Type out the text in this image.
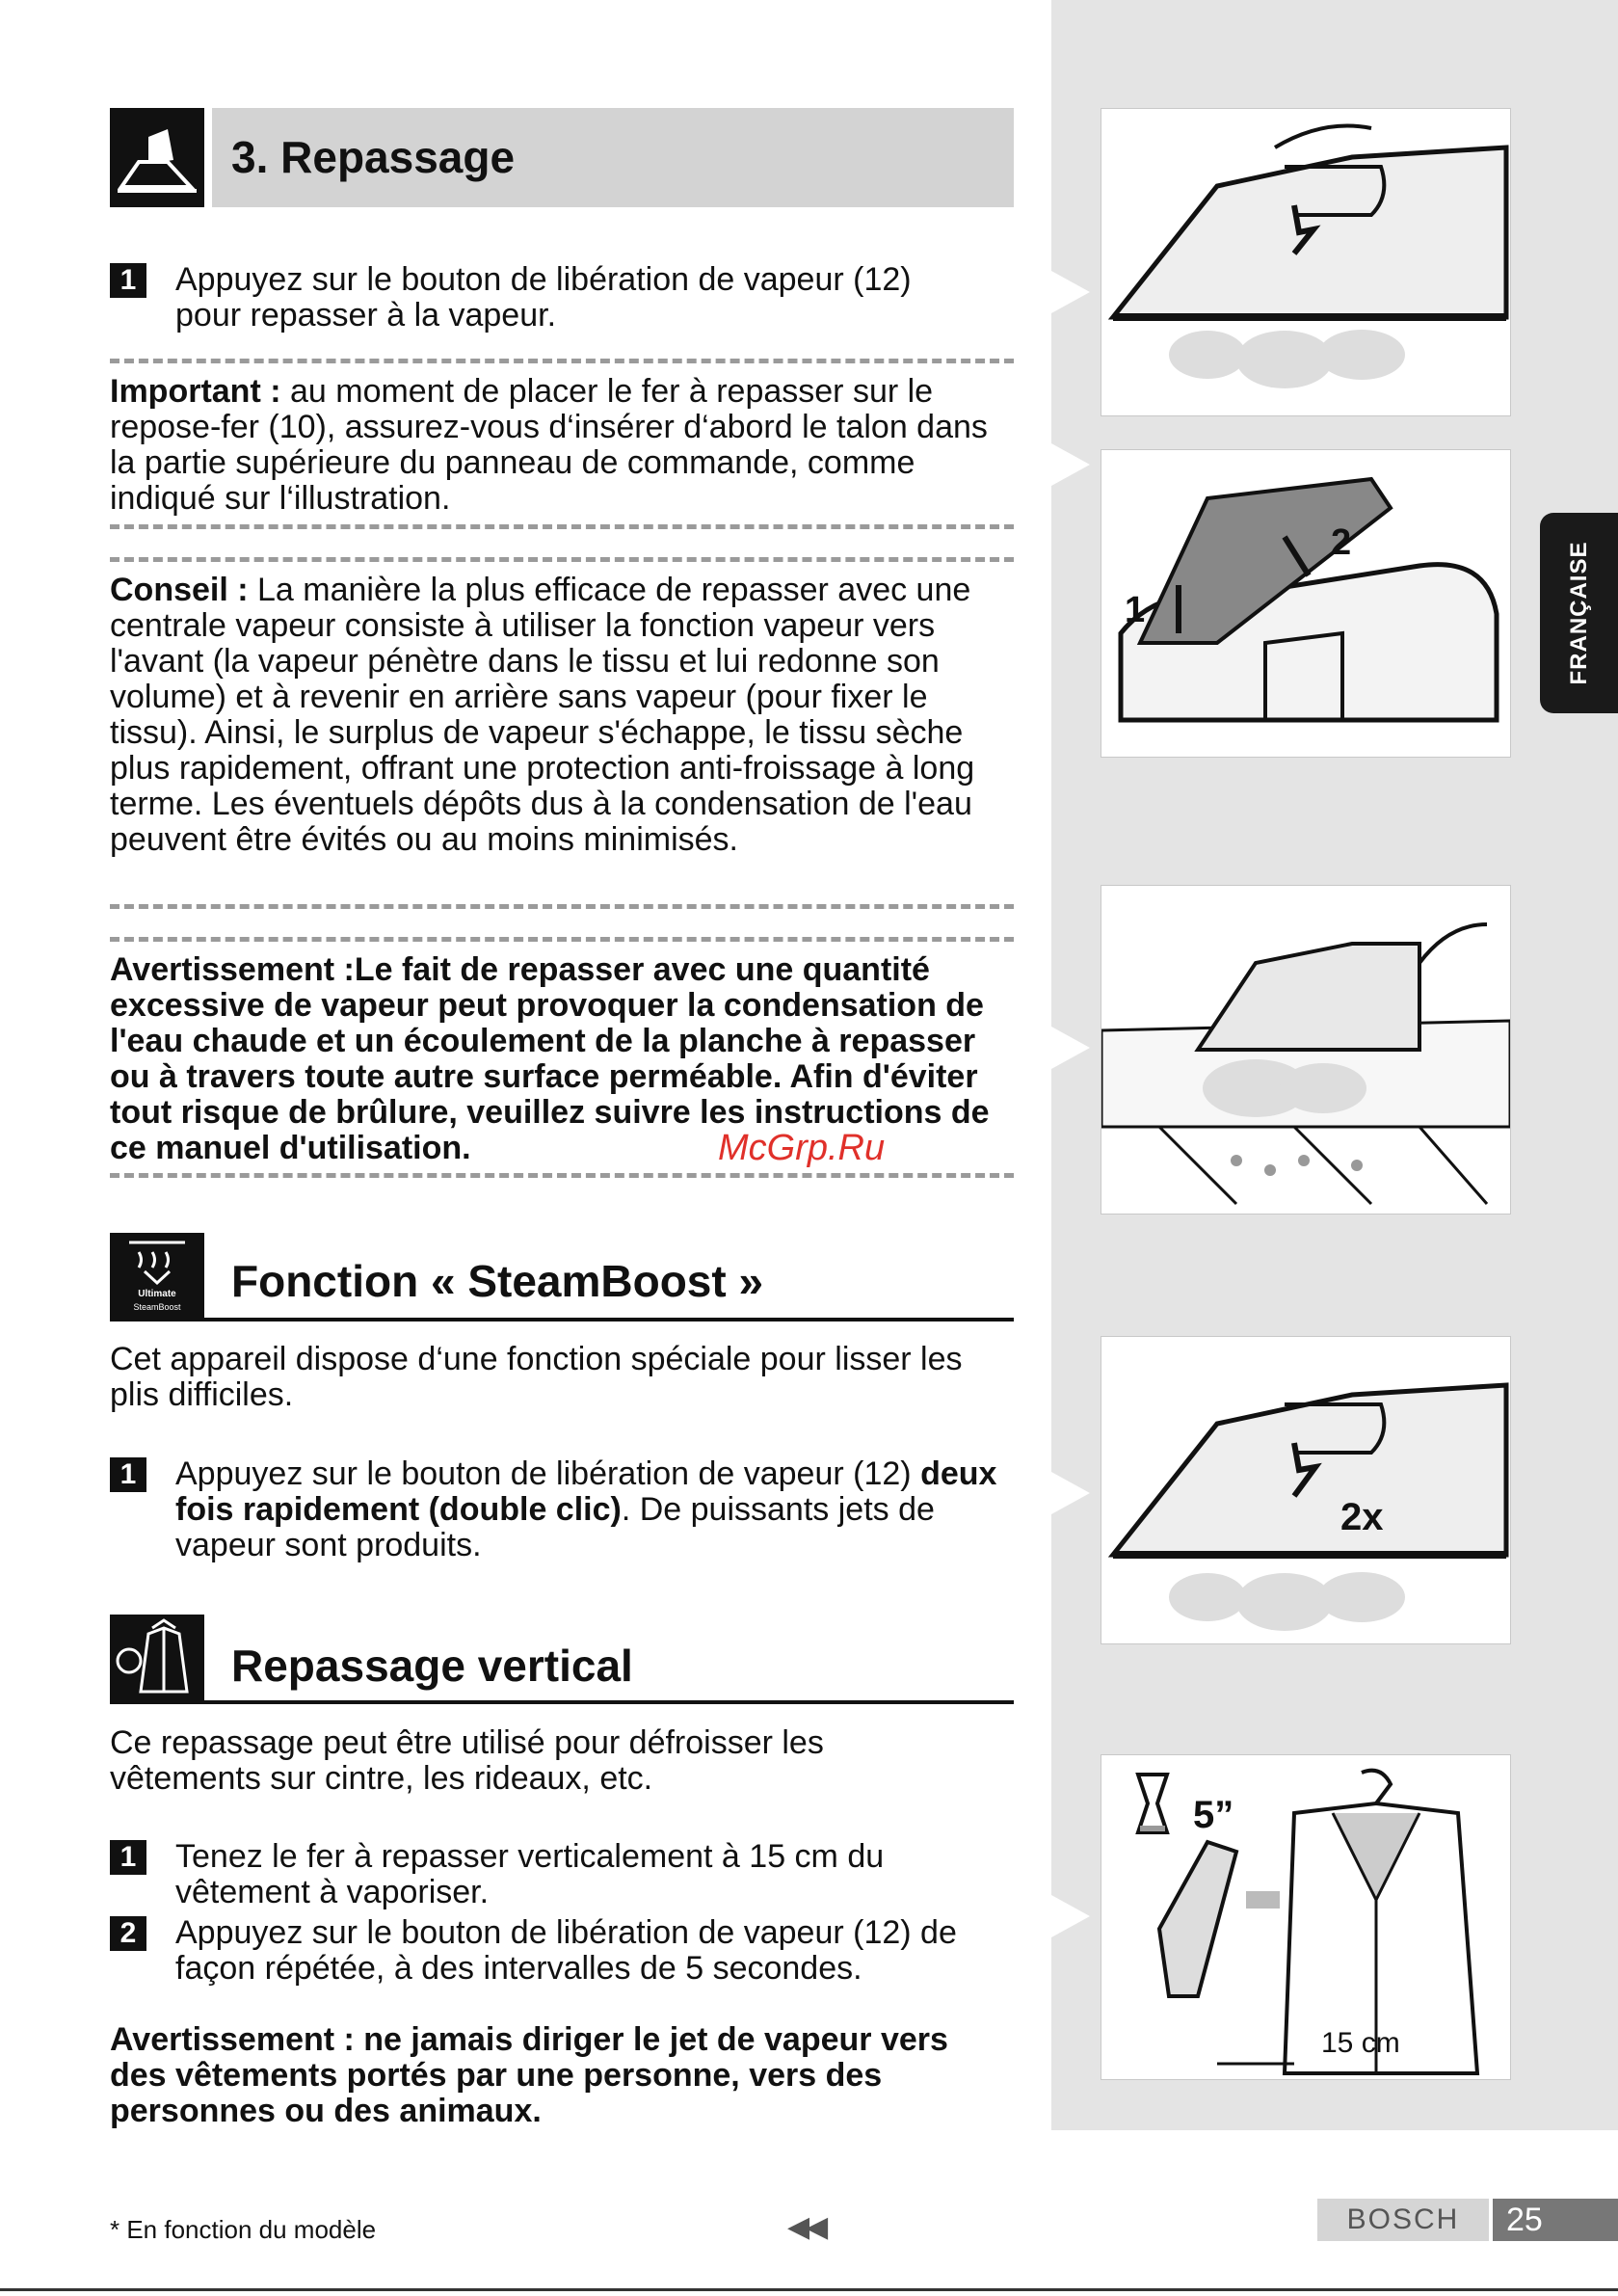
FRANÇAISE
3. Repassage
1	Appuyez sur le bouton de libération de vapeur (12) pour repasser à la vapeur.

Important : au moment de placer le fer à repasser sur le repose-fer (10), assurez-vous d‘insérer d‘abord le talon dans la partie supérieure du panneau de commande, comme indiqué sur l‘illustration.

Conseil : La manière la plus efficace de repasser avec une centrale vapeur consiste à utiliser la fonction vapeur vers l'avant (la vapeur pénètre dans le tissu et lui redonne son volume) et à revenir en arrière sans vapeur (pour fixer le tissu). Ainsi, le surplus de vapeur s'échappe, le tissu sèche plus rapidement, offrant une protection anti-froissage à long terme. Les éventuels dépôts dus à la condensation de l'eau peuvent être évités ou au moins minimisés.

Avertissement :Le fait de repasser avec une quantité excessive de vapeur peut provoquer la condensation de l'eau chaude et un écoulement de la planche à repasser ou à travers toute autre surface perméable. Afin d'éviter tout risque de brûlure, veuillez suivre les instructions de ce manuel d'utilisation.	McGrp.Ru
Ultimate
SteamBoost
Fonction « SteamBoost »

Cet appareil dispose d‘une fonction spéciale pour lisser les plis difficiles.

1	Appuyez sur le bouton de libération de vapeur (12) deux fois rapidement (double clic). De puissants jets de vapeur sont produits.

Repassage vertical

Ce repassage peut être utilisé pour défroisser les vêtements sur cintre, les rideaux, etc.

1	Tenez le fer à repasser verticalement à 15 cm du vêtement à vaporiser.

2	Appuyez sur le bouton de libération de vapeur (12) de façon répétée, à des intervalles de 5 secondes.

Avertissement : ne jamais diriger le jet de vapeur vers des vêtements portés par une personne, vers des personnes ou des animaux.

1
2
2x
5”
15 cm
* En fonction du modèle	◀◀	BOSCH	25
